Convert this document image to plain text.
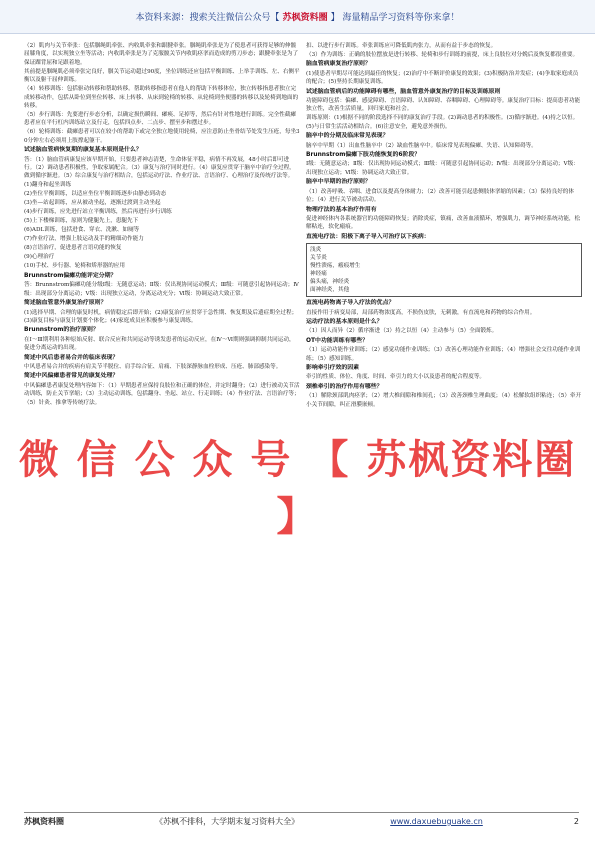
本资料来源：搜索关注微信公众号【 苏枫资料圈 】 海量精品学习资料等你来拿！

（2）肌肉与关节牵张：包括腘绳肌牵张、内收肌牵张和跟腱牵张。腘绳肌牵张是为了使患者可获得足够的伸髋屈膝角度，以实现独立坐等活动；内收肌牵张是为了克服髋关节内收肌痉挛而造成的剪刀步态；跟腱牵张是为了保证踝背屈和足跟着地。

其前提是腘绳肌必须牵张完良好，腘关节运动超过90度，坐位训练还应包括平衡训练、上举手训练、左、右侧平衡以及躯干屈伸训练。

（4）转移训练：包括驱动转移和帮助转移。帮助转移指患者在他人的帮助下转移体位，独立转移指患者独立完成转移动作，包括从卧位到坐位转移、床上转移、从床到轮椅的转移、从轮椅到坐便器的转移以及轮椅到地面的转移。

（5）步行训练：先要进行步态分析，以确定损伤瞬间、瘫痪、足掉等，然后有针对性地进行训练。完全性截瘫患者应在平行杠内训练站立及行走，包括四点步、二点步、摆至步和摆过步。

（6）轮椅训练：截瘫患者可以在较小的帮助下或完全独立地使用轮椅，应注意防止坐骨结节处发生压疮，每坐30分钟左右必须用上肢撑起躯干。

试述脑血管病恢复期的康复基本原则是什么？

答：（1）脑血管病康复应该早期开始，只要患者神志清楚，生命体征平稳，病情不再发展，48小时后即可进行。（2）调动患者积极性，争取家属配合。（3）康复与治疗同时进行。（4）康复应贯穿于脑卒中治疗全过程，做到循序渐进。（5）综合康复与治疗相结合，包括运动疗法、作业疗法、言语治疗、心理治疗及传统疗法等。

(1)翻身和起坐训练

(2)坐位平衡训练，以适应坐位平衡训练逐步由静态到动态

(3)坐—站起训练，应从被动坐起，逐渐过渡到主动坐起

(4)步行训练，应先进行站立平衡训练，然后再进行步行训练

(5)上下楼梯训练，原则为健腿先上，患腿先下

(6)ADL训练，包括进食、穿衣、洗漱、如厕等

(7)作业疗法，增强上肢运动及手的精细动作能力

(8)言语治疗，促进患者言语功能的恢复

(9)心理治疗

(10)手杖、步行器、轮椅和矫形器的应用

Brunnstrom偏瘫功能评定分期？

答：Brunnstrom偏瘫功能分级Ⅰ级：无随意运动；Ⅱ级：仅出现协同运动模式；Ⅲ级：可随意引起协同运动；Ⅳ级：出现部分分离运动；Ⅴ级：出现独立运动，分离运动充分；Ⅵ级：协调运动大致正常。

简述脑血管意外康复治疗原则？

(1)选择早期、合理的康复时机，病情稳定后即开始；(2)康复治疗应贯穿于急性期、恢复期及后遗症期全过程；(3)康复目标与康复计划要个体化；(4)家庭成员应积极参与康复训练。

Brunnstrom的治疗原则？

在Ⅰ～Ⅲ期利用各种原始反射、联合反应和共同运动等诱发患者的运动反应，在Ⅳ～Ⅵ期则强调抑制共同运动，促进分离运动的出现。

简述中风后患者易合并的临床表现？

中风患者易合并的疾病有肩关节半脱位、肩手综合征、肩痛、下肢深静脉血栓形成、压疮、肺部感染等。

简述中风偏瘫患者常见的康复处理？

中风偏瘫患者康复处理内容如下：（1）早期患者应保持良肢位和正确的体位，并定时翻身；（2）进行被动关节活动训练，防止关节挛缩；（3）主动运动训练，包括翻身、坐起、站立、行走训练；（4）作业疗法、言语治疗等；（5）针灸、推拿等传统疗法。

扣、以进行步行训练。牵张训练应可降低肌肉张力，从而有益于步态的恢复。

（3）作为训练：正确的肢位摆放是进行转移、轮椅和步行训练的前提，床上良肢位对分娩后及恢复都很重要。

脑血管病康复治疗原则？

(1)使患者早期尽可能达到最佳的恢复；(2)治疗中不断评价康复的效果；(3)积极防治并发症；(4)争取家庭成员的配合；(5)坚持长期康复训练。

试述脑血管病后的功能障碍有哪些，脑血管意外康复治疗的目标及训练原则

功能障碍包括：偏瘫、感觉障碍、言语障碍、认知障碍、吞咽障碍、心理障碍等。康复治疗目标：提高患者功能独立性，改善生活质量，回归家庭和社会。

训练原则：(1)根据不同的阶段选择不同的康复治疗手段。(2)调动患者的积极性。(3)循序渐进。(4)持之以恒。(5)与日常生活活动相结合。(6)注意安全，避免意外损伤。

脑卒中的分期及临床常见表现？

脑卒中早期（1）出血性脑卒中（2）缺血性脑卒中。临床常见表现偏瘫、失语、认知障碍等。

Brunnstrom偏瘫下肢功能恢复的6阶段？

Ⅰ级：无随意运动；Ⅱ级：仅出现协同运动模式；Ⅲ级：可随意引起协同运动；Ⅳ级：出现部分分离运动；Ⅴ级：出现独立运动；Ⅵ级：协调运动大致正常。

脑卒中早期的治疗原则？

（1）改善呼吸、吞咽、进食以及提高身体耐力；（2）改善可能引起患侧肢体挛缩的因素；（3）保持良好的体位；（4）进行关节被动活动。

物理疗法的基本治疗作用有

促进神经体内各系统器官的功能障碍恢复；消除炎症，镇痛，改善血液循环，增强肌力，调节神经系统功能，松解粘连，软化瘢痕。

直流电疗法：阳极下离子导入可治疗以下疾病：
浅炎
关节炎
慢性溃疡，瘢痕增生
神经痛
偏头痛，神经炎
面神经炎，其他
直流电药物离子导入疗法的优点？

直接作用于病变局部，局部药物浓度高，不损伤皮肤，无刺激，有直流电和药物的综合作用。

运动疗法的基本原则是什么？

（1）因人而异（2）循序渐进（3）持之以恒（4）主动参与（5）全面锻炼。

OT中功能训练有哪些？

（1）运动功能作业训练；（2）感觉功能作业训练；（3）改善心理功能作业训练；（4）增强社会交往功能作业训练；（5）感知训练。

影响牵引疗效的因素

牵引的性质、体位、角度、时间、牵引力的大小以及患者的配合程度等。

颈椎牵引的治疗作用有哪些？

（1）解除颈部肌肉痉挛；（2）增大椎间隙和椎间孔；（3）改善颈椎生理曲度；（4）松解软组织粘连；（5）牵开小关节间隙，纠正滑膜嵌顿。

微 信 公 众 号 【 苏枫资料圈 】
苏枫资料圈	《苏枫不排科，大学期末复习资料大全》	www.daxuebuguake.cn	2
